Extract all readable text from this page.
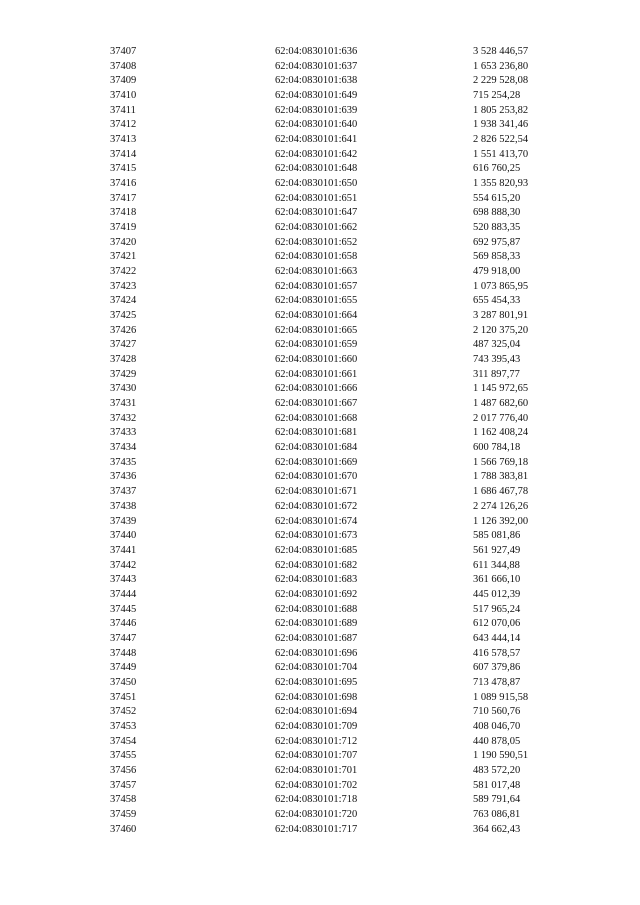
37407	62:04:0830101:636	3 528 446,57
37408	62:04:0830101:637	1 653 236,80
37409	62:04:0830101:638	2 229 528,08
37410	62:04:0830101:649	715 254,28
37411	62:04:0830101:639	1 805 253,82
37412	62:04:0830101:640	1 938 341,46
37413	62:04:0830101:641	2 826 522,54
37414	62:04:0830101:642	1 551 413,70
37415	62:04:0830101:648	616 760,25
37416	62:04:0830101:650	1 355 820,93
37417	62:04:0830101:651	554 615,20
37418	62:04:0830101:647	698 888,30
37419	62:04:0830101:662	520 883,35
37420	62:04:0830101:652	692 975,87
37421	62:04:0830101:658	569 858,33
37422	62:04:0830101:663	479 918,00
37423	62:04:0830101:657	1 073 865,95
37424	62:04:0830101:655	655 454,33
37425	62:04:0830101:664	3 287 801,91
37426	62:04:0830101:665	2 120 375,20
37427	62:04:0830101:659	487 325,04
37428	62:04:0830101:660	743 395,43
37429	62:04:0830101:661	311 897,77
37430	62:04:0830101:666	1 145 972,65
37431	62:04:0830101:667	1 487 682,60
37432	62:04:0830101:668	2 017 776,40
37433	62:04:0830101:681	1 162 408,24
37434	62:04:0830101:684	600 784,18
37435	62:04:0830101:669	1 566 769,18
37436	62:04:0830101:670	1 788 383,81
37437	62:04:0830101:671	1 686 467,78
37438	62:04:0830101:672	2 274 126,26
37439	62:04:0830101:674	1 126 392,00
37440	62:04:0830101:673	585 081,86
37441	62:04:0830101:685	561 927,49
37442	62:04:0830101:682	611 344,88
37443	62:04:0830101:683	361 666,10
37444	62:04:0830101:692	445 012,39
37445	62:04:0830101:688	517 965,24
37446	62:04:0830101:689	612 070,06
37447	62:04:0830101:687	643 444,14
37448	62:04:0830101:696	416 578,57
37449	62:04:0830101:704	607 379,86
37450	62:04:0830101:695	713 478,87
37451	62:04:0830101:698	1 089 915,58
37452	62:04:0830101:694	710 560,76
37453	62:04:0830101:709	408 046,70
37454	62:04:0830101:712	440 878,05
37455	62:04:0830101:707	1 190 590,51
37456	62:04:0830101:701	483 572,20
37457	62:04:0830101:702	581 017,48
37458	62:04:0830101:718	589 791,64
37459	62:04:0830101:720	763 086,81
37460	62:04:0830101:717	364 662,43
